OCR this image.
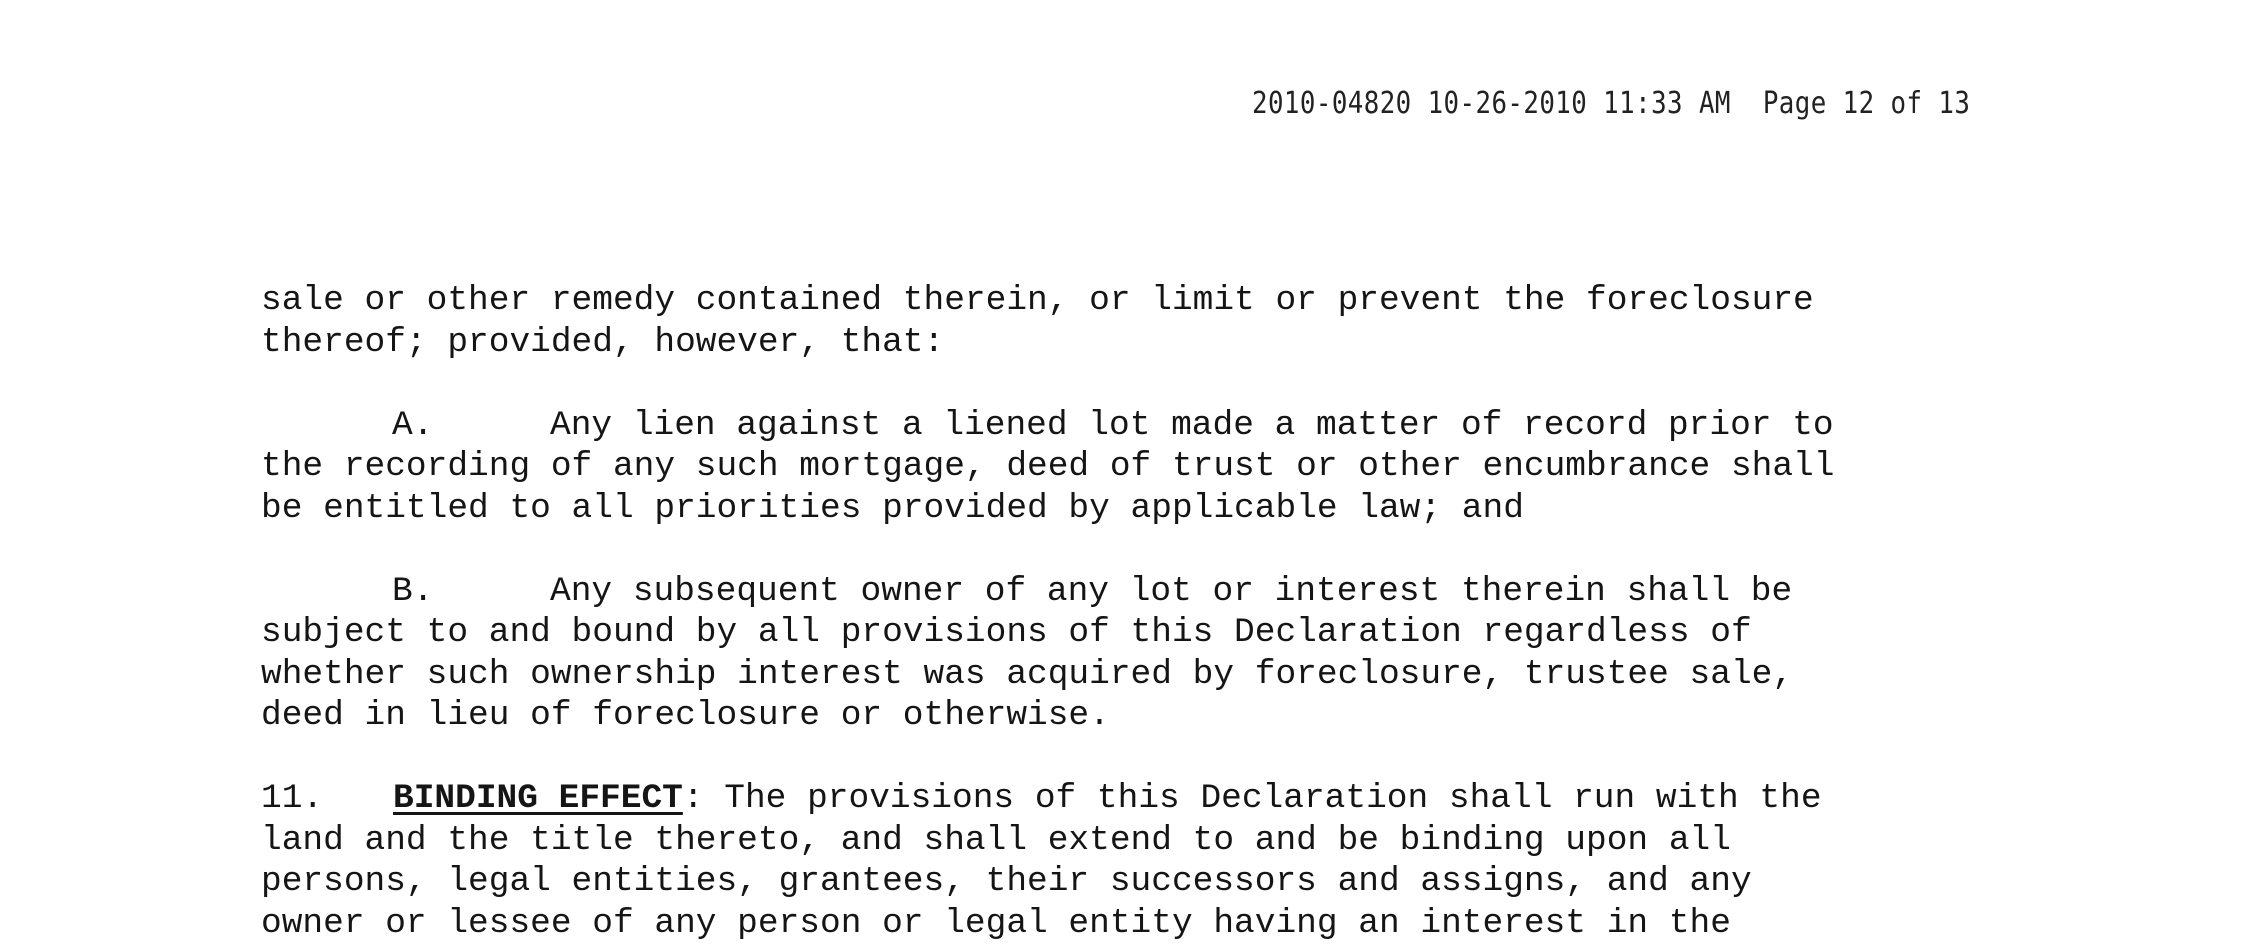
2010-04820 10-26-2010 11:33 AM  Page 12 of 13
sale or other remedy contained therein, or limit or prevent the foreclosure
thereof; provided, however, that:
A.	Any lien against a liened lot made a matter of record prior to
the recording of any such mortgage, deed of trust or other encumbrance shall
be entitled to all priorities provided by applicable law; and
B.	Any subsequent owner of any lot or interest therein shall be
subject to and bound by all provisions of this Declaration regardless of
whether such ownership interest was acquired by foreclosure, trustee sale,
deed in lieu of foreclosure or otherwise.
11. BINDING EFFECT: The provisions of this Declaration shall run with the
land and the title thereto, and shall extend to and be binding upon all
persons, legal entities, grantees, their successors and assigns, and any
owner or lessee of any person or legal entity having an interest in the
